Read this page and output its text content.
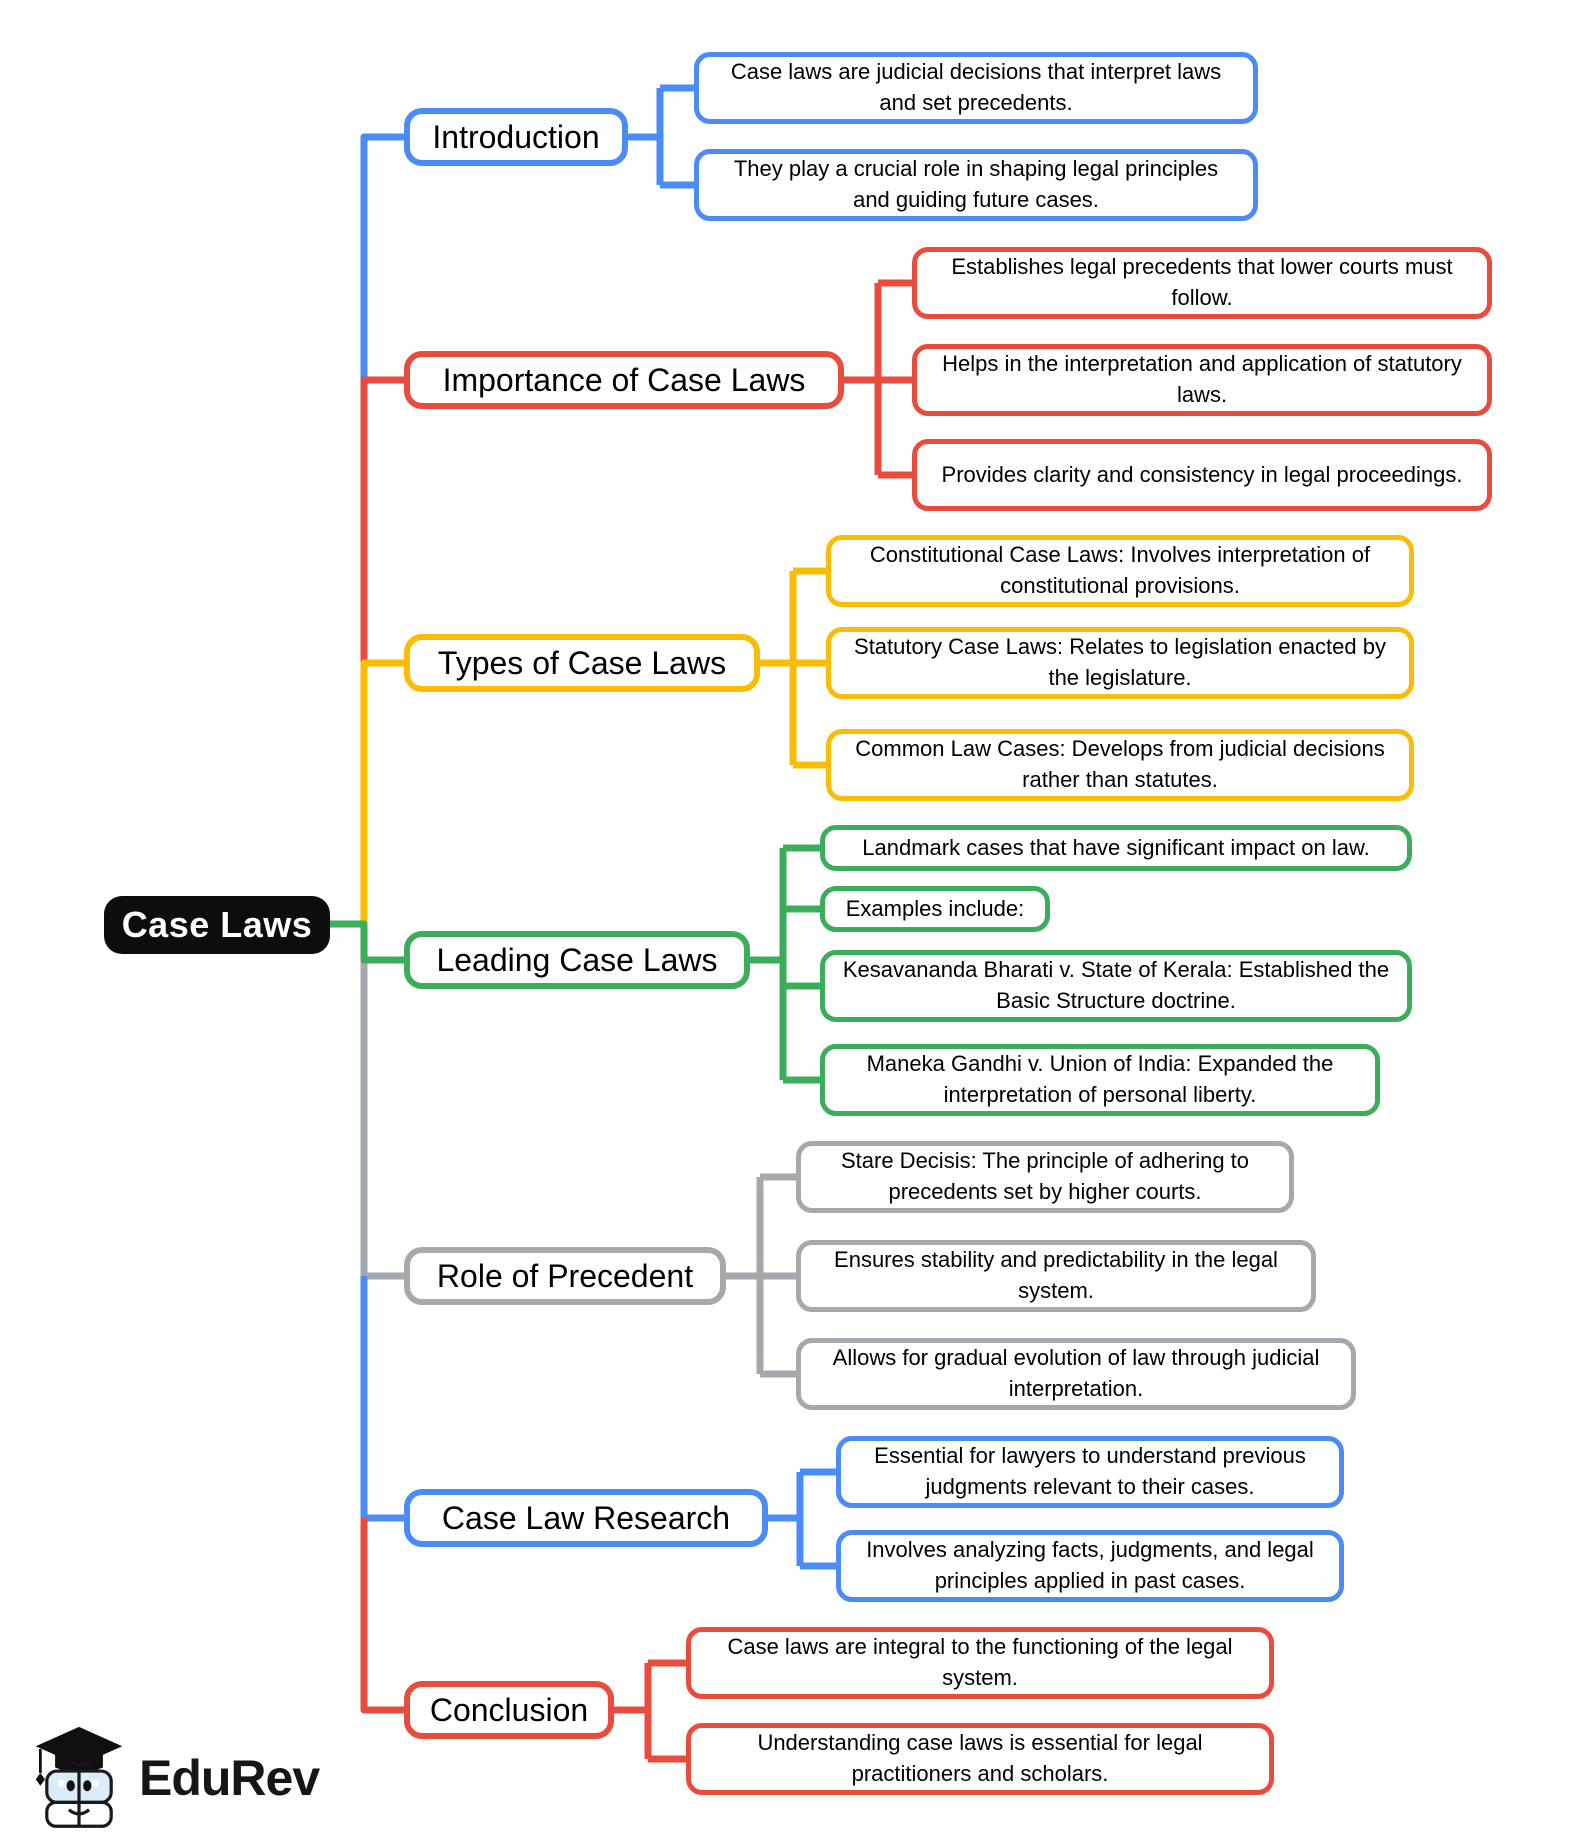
Case Laws
Introduction
Importance of Case Laws
Types of Case Laws
Leading Case Laws
Role of Precedent
Case Law Research
Conclusion
Case laws are judicial decisions that interpret laws and set precedents.
They play a crucial role in shaping legal principles and guiding future cases.
Establishes legal precedents that lower courts must follow.
Helps in the interpretation and application of statutory laws.
Provides clarity and consistency in legal proceedings.
Constitutional Case Laws: Involves interpretation of constitutional provisions.
Statutory Case Laws: Relates to legislation enacted by the legislature.
Common Law Cases: Develops from judicial decisions rather than statutes.
Landmark cases that have significant impact on law.
Examples include:
Kesavananda Bharati v. State of Kerala: Established the Basic Structure doctrine.
Maneka Gandhi v. Union of India: Expanded the interpretation of personal liberty.
Stare Decisis: The principle of adhering to precedents set by higher courts.
Ensures stability and predictability in the legal system.
Allows for gradual evolution of law through judicial interpretation.
Essential for lawyers to understand previous judgments relevant to their cases.
Involves analyzing facts, judgments, and legal principles applied in past cases.
Case laws are integral to the functioning of the legal system.
Understanding case laws is essential for legal practitioners and scholars.
EduRev
